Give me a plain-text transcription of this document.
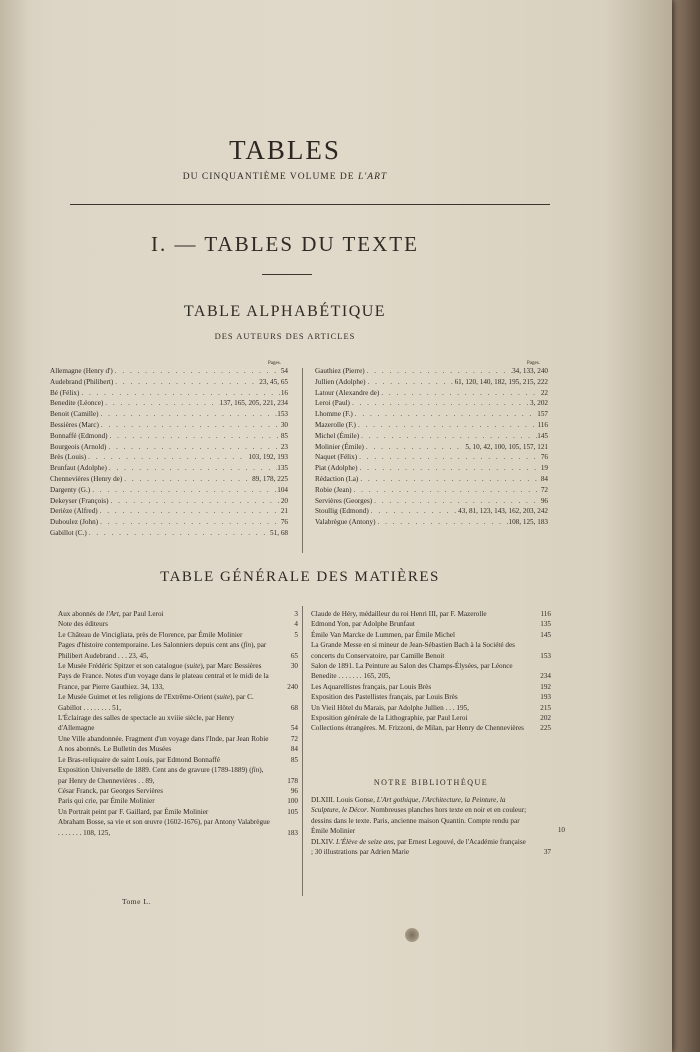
TABLES
DU CINQUANTIÈME VOLUME DE L'ART
I. — TABLES DU TEXTE
TABLE ALPHABÉTIQUE
DES AUTEURS DES ARTICLES
Pages.	Pages.
Allemagne (Henry d') . . .	54
Audebrand (Philibert) . . .	23, 45, 65
Bé (Félix) . . .	16
Benedite (Léonce) . . .	137, 165, 205, 221, 234
Benoit (Camille) . . .	153
Bessières (Marc) . . .	30
Bonnaffé (Edmond) . . .	85
Bourgeois (Arnold) . . .	23
Brès (Louis) . . .	103, 192, 193
Brunfaut (Adolphe) . . .	135
Chennevières (Henry de) . . .	89, 178, 225
Dargenty (G.) . . .	104
Dekeyser (François) . . .	20
Derièze (Alfred) . . .	21
Duboulez (John) . . .	76
Gabillot (C.) . . .	51, 68
Gauthiez (Pierre) . . .	34, 133, 240
Jullien (Adolphe) . . .	61, 120, 140, 182, 195, 215, 222
Latour (Alexandre de) . . .	22
Leroi (Paul) . . .	3, 202
Lhomme (F.) . . .	157
Mazerolle (F.) . . .	116
Michel (Émile) . . .	145
Molinier (Émile) . . .	5, 10, 42, 100, 105, 157, 121
Naquet (Félix) . . .	76
Piat (Adolphe) . . .	19
Rédaction (La) . . .	84
Robie (Jean) . . .	72
Servières (Georges) . . .	96
Stoullig (Edmond) . . .	43, 81, 123, 143, 162, 203, 242
Valabrègue (Antony) . . .	108, 125, 183
TABLE GÉNÉRALE DES MATIÈRES
Aux abonnés de l'Art, par Paul Leroi	3
Note des éditeurs	4
Le Château de Vincigliata, près de Florence, par Émile Molinier	5
Pages d'histoire contemporaine. Les Salonniers depuis cent ans (fin), par Philibert Audebrand . . . 23, 45,	65
Le Musée Frédéric Spitzer et son catalogue (suite), par Marc Bessières	30
Pays de France. Notes d'un voyage dans le plateau central et le midi de la France, par Pierre Gauthiez. 34, 133,	240
Le Musée Guimet et les religions de l'Extrême-Orient (suite), par C. Gabillot . . . . . . . . 51,	68
L'Éclairage des salles de spectacle au xviiie siècle, par Henry d'Allemagne	54
Une Ville abandonnée. Fragment d'un voyage dans l'Inde, par Jean Robie	72
A nos abonnés. Le Bulletin des Musées	84
Le Bras-reliquaire de saint Louis, par Edmond Bonnaffé	85
Exposition Universelle de 1889. Cent ans de gravure (1789-1889) (fin), par Henry de Chennevières . . 89,	178
César Franck, par Georges Servières	96
Paris qui crie, par Émile Molinier	100
Un Portrait peint par F. Gaillard, par Émile Molinier	105
Abraham Bosse, sa vie et son œuvre (1602-1676), par Antony Valabrègue . . . . . . . 108, 125,	183
Claude de Héry, médailleur du roi Henri III, par F. Mazerolle	116
Edmond Yon, par Adolphe Brunfaut	135
Émile Van Marcke de Lummen, par Émile Michel	145
La Grande Messe en si mineur de Jean-Sébastien Bach à la Société des concerts du Conservatoire, par Camille Benoit	153
Salon de 1891. La Peinture au Salon des Champs-Élysées, par Léonce Benedite . . . . . . . 165, 205,	234
Les Aquarellistes français, par Louis Brès	192
Exposition des Pastellistes français, par Louis Brès	193
Un Vieil Hôtel du Marais, par Adolphe Jullien . . . 195,	215
Exposition générale de la Lithographie, par Paul Leroi	202
Collections étrangères. M. Frizzoni, de Milan, par Henry de Chennevières	225
NOTRE BIBLIOTHÈQUE
DLXIII. Louis Gonse, L'Art gothique, l'Architecture, la Peinture, la Sculpture, le Décor. Nombreuses planches hors texte en noir et en couleur; dessins dans le texte. Paris, ancienne maison Quantin. Compte rendu par Émile Molinier	10
DLXIV. L'Élève de seize ans, par Ernest Legouvé, de l'Académie française ; 30 illustrations par Adrien Marie	37
Tome L.
